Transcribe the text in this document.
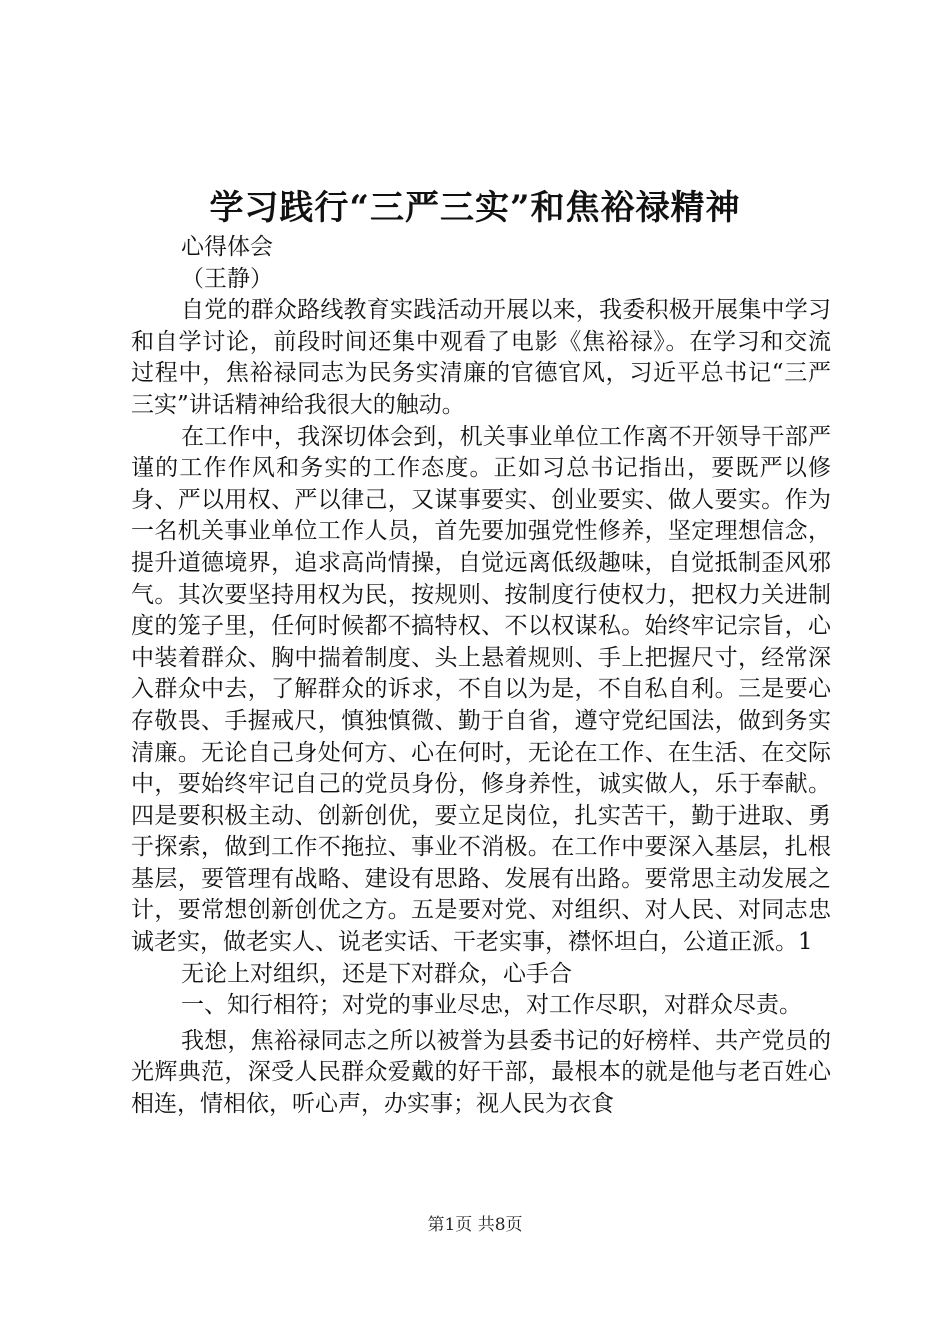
学习践行“三严三实”和焦裕禄精神

心得体会

（王静）

自党的群众路线教育实践活动开展以来，我委积极开展集中学习和自学讨论，前段时间还集中观看了电影《焦裕禄》。在学习和交流过程中，焦裕禄同志为民务实清廉的官德官风，习近平总书记“三严三实”讲话精神给我很大的触动。

在工作中，我深切体会到，机关事业单位工作离不开领导干部严谨的工作作风和务实的工作态度。正如习总书记指出，要既严以修身、严以用权、严以律己，又谋事要实、创业要实、做人要实。作为一名机关事业单位工作人员，首先要加强党性修养，坚定理想信念，提升道德境界，追求高尚情操，自觉远离低级趣味，自觉抵制歪风邪气。其次要坚持用权为民，按规则、按制度行使权力，把权力关进制度的笼子里，任何时候都不搞特权、不以权谋私。始终牢记宗旨，心中装着群众、胸中揣着制度、头上悬着规则、手上把握尺寸，经常深入群众中去，了解群众的诉求，不自以为是，不自私自利。三是要心存敬畏、手握戒尺，慎独慎微、勤于自省，遵守党纪国法，做到务实清廉。无论自己身处何方、心在何时，无论在工作、在生活、在交际中，要始终牢记自己的党员身份，修身养性，诚实做人，乐于奉献。四是要积极主动、创新创优，要立足岗位，扎实苦干，勤于进取、勇于探索，做到工作不拖拉、事业不消极。在工作中要深入基层，扎根基层，要管理有战略、建设有思路、发展有出路。要常思主动发展之计，要常想创新创优之方。五是要对党、对组织、对人民、对同志忠诚老实，做老实人、说老实话、干老实事，襟怀坦白，公道正派。1

无论上对组织，还是下对群众，心手合

一、知行相符；对党的事业尽忠，对工作尽职，对群众尽责。

我想，焦裕禄同志之所以被誉为县委书记的好榜样、共产党员的光辉典范，深受人民群众爱戴的好干部，最根本的就是他与老百姓心相连，情相依，听心声，办实事；视人民为衣食

第1页 共8页
